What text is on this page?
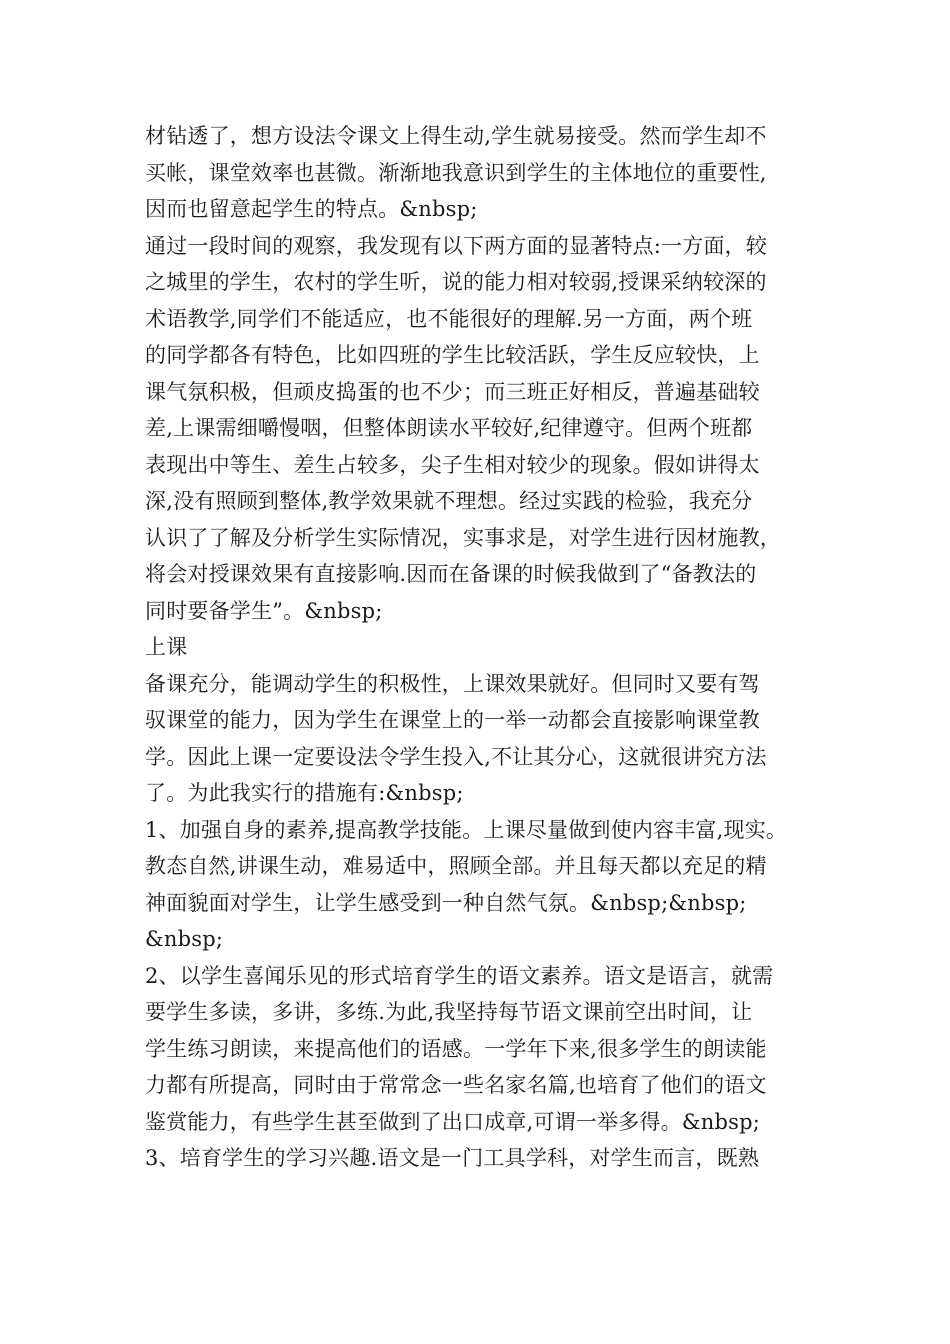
材钻透了，想方设法令课文上得生动,学生就易接受。然而学生却不
买帐，课堂效率也甚微。渐渐地我意识到学生的主体地位的重要性,
因而也留意起学生的特点。&nbsp;
通过一段时间的观察，我发现有以下两方面的显著特点:一方面，较
之城里的学生，农村的学生听，说的能力相对较弱,授课采纳较深的
术语教学,同学们不能适应，也不能很好的理解.另一方面，两个班
的同学都各有特色，比如四班的学生比较活跃，学生反应较快，上
课气氛积极，但顽皮捣蛋的也不少；而三班正好相反，普遍基础较
差,上课需细嚼慢咽，但整体朗读水平较好,纪律遵守。但两个班都
表现出中等生、差生占较多，尖子生相对较少的现象。假如讲得太
深,没有照顾到整体,教学效果就不理想。经过实践的检验，我充分
认识了了解及分析学生实际情况，实事求是，对学生进行因材施教，
将会对授课效果有直接影响.因而在备课的时候我做到了“备教法的
同时要备学生”。&nbsp;
上课
备课充分，能调动学生的积极性，上课效果就好。但同时又要有驾
驭课堂的能力，因为学生在课堂上的一举一动都会直接影响课堂教
学。因此上课一定要设法令学生投入,不让其分心，这就很讲究方法
了。为此我实行的措施有:&nbsp;
1、加强自身的素养,提高教学技能。上课尽量做到使内容丰富,现实。
教态自然,讲课生动，难易适中，照顾全部。并且每天都以充足的精
神面貌面对学生，让学生感受到一种自然气氛。&nbsp;&nbsp;
&nbsp;
2、以学生喜闻乐见的形式培育学生的语文素养。语文是语言，就需
要学生多读，多讲，多练.为此,我坚持每节语文课前空出时间，让
学生练习朗读，来提高他们的语感。一学年下来,很多学生的朗读能
力都有所提高，同时由于常常念一些名家名篇,也培育了他们的语文
鉴赏能力，有些学生甚至做到了出口成章,可谓一举多得。&nbsp;
3、培育学生的学习兴趣.语文是一门工具学科，对学生而言，既熟
